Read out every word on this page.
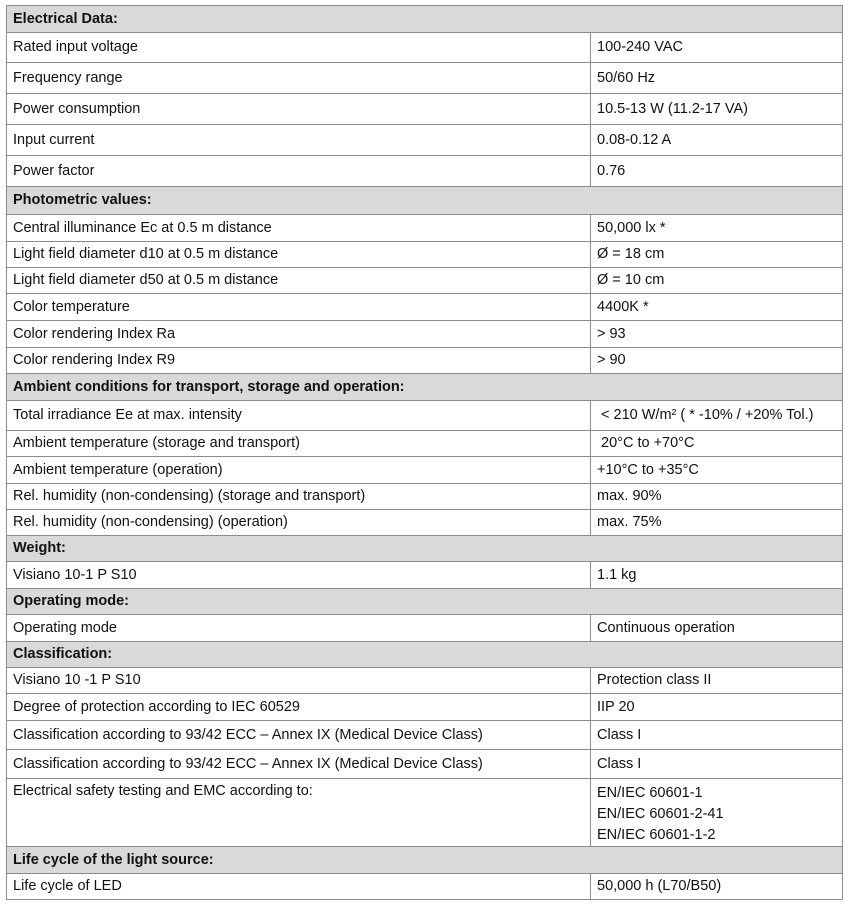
Electrical Data:	
Rated input voltage	100-240 VAC
Frequency range	50/60 Hz
Power consumption	10.5-13 W (11.2-17 VA)
Input current	0.08-0.12 A
Power factor	0.76
Photometric values:	
Central illuminance Ec at 0.5 m distance	50,000 lx *
Light field diameter d10 at 0.5 m distance	Ø = 18 cm
Light field diameter d50 at 0.5 m distance	Ø = 10 cm
Color temperature	4400K *
Color rendering Index Ra	> 93
Color rendering Index R9	> 90
Ambient conditions for transport, storage and operation:	
Total irradiance Ee at max. intensity	< 210 W/m² ( * -10% / +20% Tol.)
Ambient temperature (storage and transport)	20°C to +70°C
Ambient temperature (operation)	+10°C to +35°C
Rel. humidity (non-condensing) (storage and transport)	max. 90%
Rel. humidity (non-condensing) (operation)	max. 75%
Weight:	
Visiano 10-1 P S10	1.1 kg
Operating mode:	
Operating mode	Continuous operation
Classification:	
Visiano 10 -1 P S10	Protection class II
Degree of protection according to IEC 60529	IIP 20
Classification according to 93/42 ECC – Annex IX (Medical Device Class)	Class I
Classification according to 93/42 ECC – Annex IX (Medical Device Class)	Class I
Electrical safety testing and EMC according to:	EN/IEC 60601-1
EN/IEC 60601-2-41
EN/IEC 60601-1-2

Life cycle of the light source:	
Life cycle of LED	50,000 h (L70/B50)
